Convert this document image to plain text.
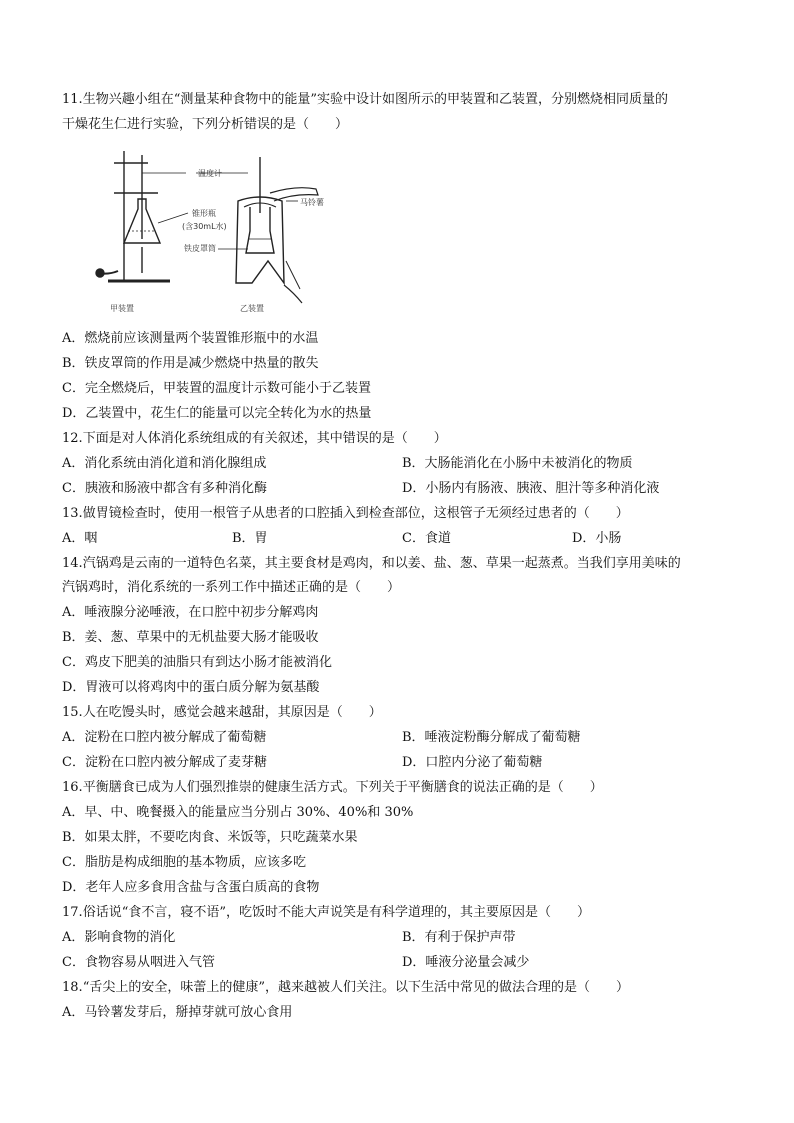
11.生物兴趣小组在“测量某种食物中的能量”实验中设计如图所示的甲装置和乙装置，分别燃烧相同质量的
干燥花生仁进行实验，下列分析错误的是（　　）
温度计
锥形瓶
(含30mL水)
铁皮罩筒
马铃薯
甲装置	乙装置
A．燃烧前应该测量两个装置锥形瓶中的水温
B．铁皮罩筒的作用是减少燃烧中热量的散失
C．完全燃烧后，甲装置的温度计示数可能小于乙装置
D．乙装置中，花生仁的能量可以完全转化为水的热量
12.下面是对人体消化系统组成的有关叙述，其中错误的是（　　）
A．消化系统由消化道和消化腺组成	B．大肠能消化在小肠中未被消化的物质
C．胰液和肠液中都含有多种消化酶	D．小肠内有肠液、胰液、胆汁等多种消化液
13.做胃镜检查时，使用一根管子从患者的口腔插入到检查部位，这根管子无须经过患者的（　　）
A．咽	B．胃	C．食道	D．小肠
14.汽锅鸡是云南的一道特色名菜，其主要食材是鸡肉，和以姜、盐、葱、草果一起蒸煮。当我们享用美味的
汽锅鸡时，消化系统的一系列工作中描述正确的是（　　）
A．唾液腺分泌唾液，在口腔中初步分解鸡肉
B．姜、葱、草果中的无机盐要大肠才能吸收
C．鸡皮下肥美的油脂只有到达小肠才能被消化
D．胃液可以将鸡肉中的蛋白质分解为氨基酸
15.人在吃馒头时，感觉会越来越甜，其原因是（　　）
A．淀粉在口腔内被分解成了葡萄糖	B．唾液淀粉酶分解成了葡萄糖
C．淀粉在口腔内被分解成了麦芽糖	D．口腔内分泌了葡萄糖
16.平衡膳食已成为人们强烈推崇的健康生活方式。下列关于平衡膳食的说法正确的是（　　）
A．早、中、晚餐摄入的能量应当分别占 30%、40%和 30%
B．如果太胖，不要吃肉食、米饭等，只吃蔬菜水果
C．脂肪是构成细胞的基本物质，应该多吃
D．老年人应多食用含盐与含蛋白质高的食物
17.俗话说“食不言，寝不语”，吃饭时不能大声说笑是有科学道理的，其主要原因是（　　）
A．影响食物的消化	B．有利于保护声带
C．食物容易从咽进入气管	D．唾液分泌量会减少
18.“舌尖上的安全，味蕾上的健康”，越来越被人们关注。以下生活中常见的做法合理的是（　　）
A．马铃薯发芽后，掰掉芽就可放心食用
